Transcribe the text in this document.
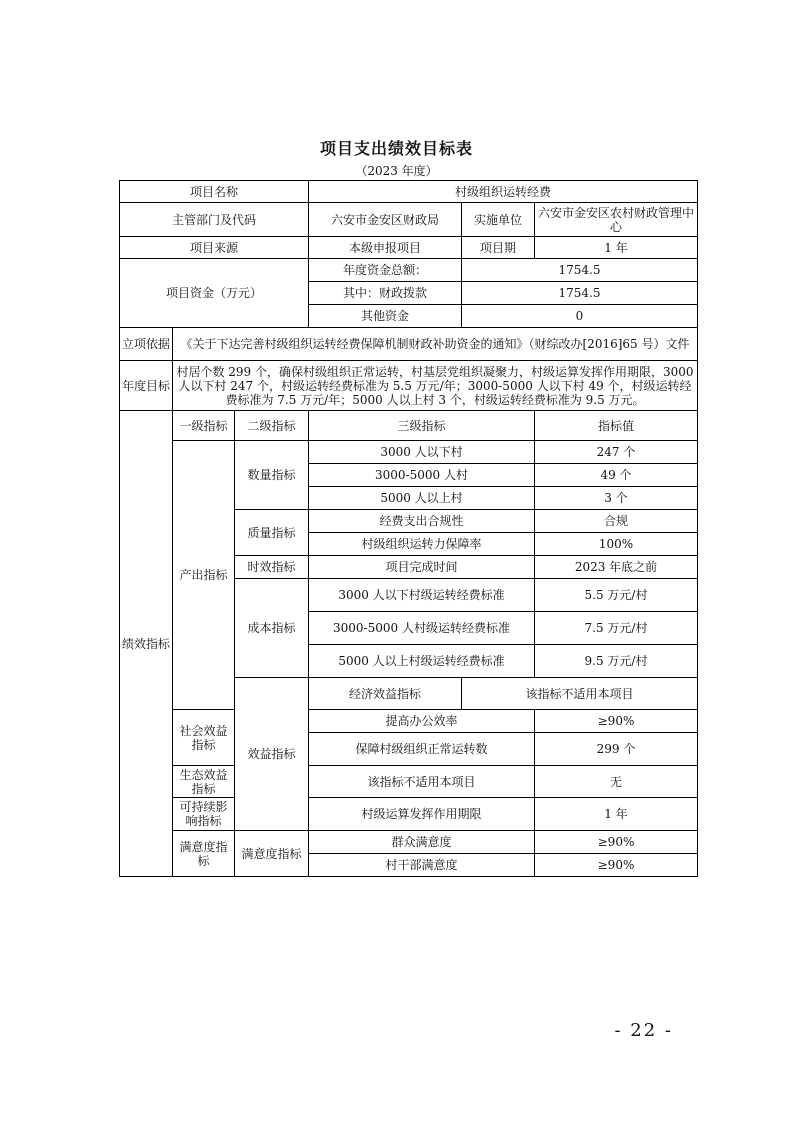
项目支出绩效目标表
（2023 年度）
项目名称			村级组织运转经费			
主管部门及代码			六安市金安区财政局	实施单位	六安市金安区农村财政管理中心	
项目来源			本级申报项目	项目期	1 年	
项目资金（万元）			年度资金总额：	1754.5		
			其中：财政拨款	1754.5		
			其他资金	0		
立项依据	《关于下达完善村级组织运转经费保障机制财政补助资金的通知》（财综改办[2016]65 号）文件					
年度目标	村居个数 299 个，确保村级组织正常运转，村基层党组织凝聚力，村级运算发挥作用期限，3000 人以下村 247 个，村级运转经费标准为 5.5 万元/年；3000-5000 人以下村 49 个，村级运转经费标准为 7.5 万元/年；5000 人以上村 3 个，村级运转经费标准为 9.5 万元。					
绩效指标	一级指标	二级指标	三级指标		指标值	
	产出指标	数量指标	3000 人以下村		247 个	
			3000-5000 人村		49 个	
			5000 人以上村		3 个	
		质量指标	经费支出合规性		合规	
			村级组织运转力保障率		100%	
		时效指标	项目完成时间		2023 年底之前	
		成本指标	3000 人以下村级运转经费标准		5.5 万元/村	
			3000-5000 人村级运转经费标准		7.5 万元/村	
			5000 人以上村级运转经费标准		9.5 万元/村	
		效益指标	经济效益指标	该指标不适用本项目	
	社会效益指标		提高办公效率		≥90%	
			保障村级组织正常运转数		299 个	
	生态效益指标		该指标不适用本项目		无	
	可持续影响指标		村级运算发挥作用期限		1 年	
	满意度指标	满意度指标	群众满意度		≥90%	
			村干部满意度		≥90%	
- 22 -
